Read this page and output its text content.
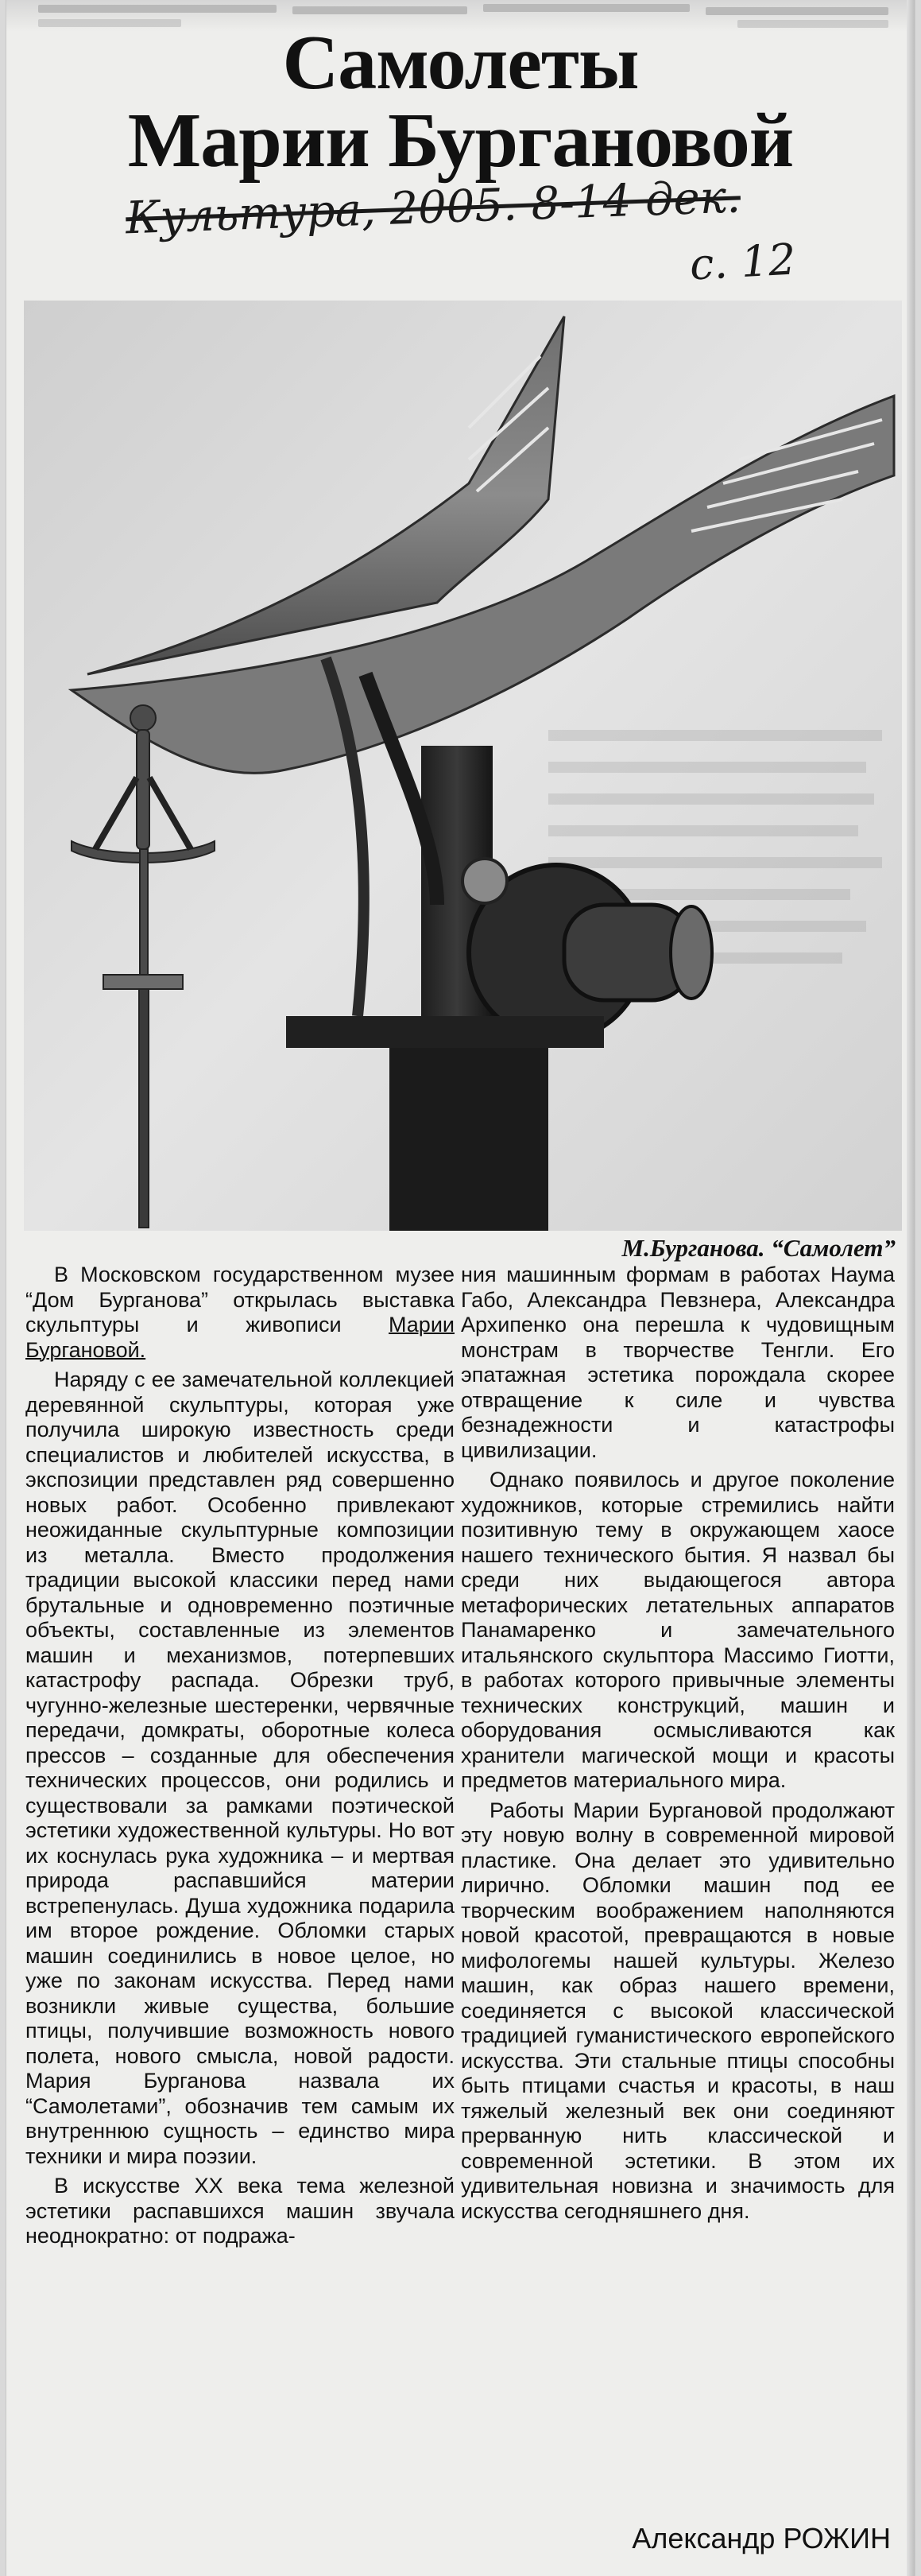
Самолеты
Марии Бургановой
Культура, 2005. 8-14 дек.
с. 12
М.Бурганова. “Самолет”

В Московском государственном музее “Дом Бурганова” открылась выставка скульптуры и живописи Марии Бургановой.

Наряду с ее замечательной коллекцией деревянной скульптуры, которая уже получила широкую известность среди специалистов и любителей искусства, в экспозиции представлен ряд совершенно новых работ. Особенно привлекают неожиданные скульптурные композиции из металла. Вместо продолжения традиции высокой классики перед нами брутальные и одновременно поэтичные объекты, составленные из элементов машин и механизмов, потерпевших катастрофу распада. Обрезки труб, чугунно-железные шестеренки, червячные передачи, домкраты, оборотные колеса прессов – созданные для обеспечения технических процессов, они родились и существовали за рамками поэтической эстетики художественной культуры. Но вот их коснулась рука художника – и мертвая природа распавшийся материи встрепенулась. Душа художника подарила им второе рождение. Обломки старых машин соединились в новое целое, но уже по законам искусства. Перед нами возникли живые существа, большие птицы, получившие возможность нового полета, нового смысла, новой радости. Мария Бурганова назвала их “Самолетами”, обозначив тем самым их внутреннюю сущность – единство мира техники и мира поэзии.

В искусстве XX века тема железной эстетики распавшихся машин звучала неоднократно: от подража-

ния машинным формам в работах Наума Габо, Александра Певзнера, Александра Архипенко она перешла к чудовищным монстрам в творчестве Тенгли. Его эпатажная эстетика порождала скорее отвращение к силе и чувства безнадежности и катастрофы цивилизации.

Однако появилось и другое поколение художников, которые стремились найти позитивную тему в окружающем хаосе нашего технического бытия. Я назвал бы среди них выдающегося автора метафорических летательных аппаратов Панамаренко и замечательного итальянского скульптора Массимо Гиотти, в работах которого привычные элементы технических конструкций, машин и оборудования осмысливаются как хранители магической мощи и красоты предметов материального мира.

Работы Марии Бургановой продолжают эту новую волну в современной мировой пластике. Она делает это удивительно лирично. Обломки машин под ее творческим воображением наполняются новой красотой, превращаются в новые мифологемы нашей культуры. Железо машин, как образ нашего времени, соединяется с высокой классической традицией гуманистического европейского искусства. Эти стальные птицы способны быть птицами счастья и красоты, в наш тяжелый железный век они соединяют прерванную нить классической и современной эстетики. В этом их удивительная новизна и значимость для искусства сегодняшнего дня.

Александр РОЖИН
